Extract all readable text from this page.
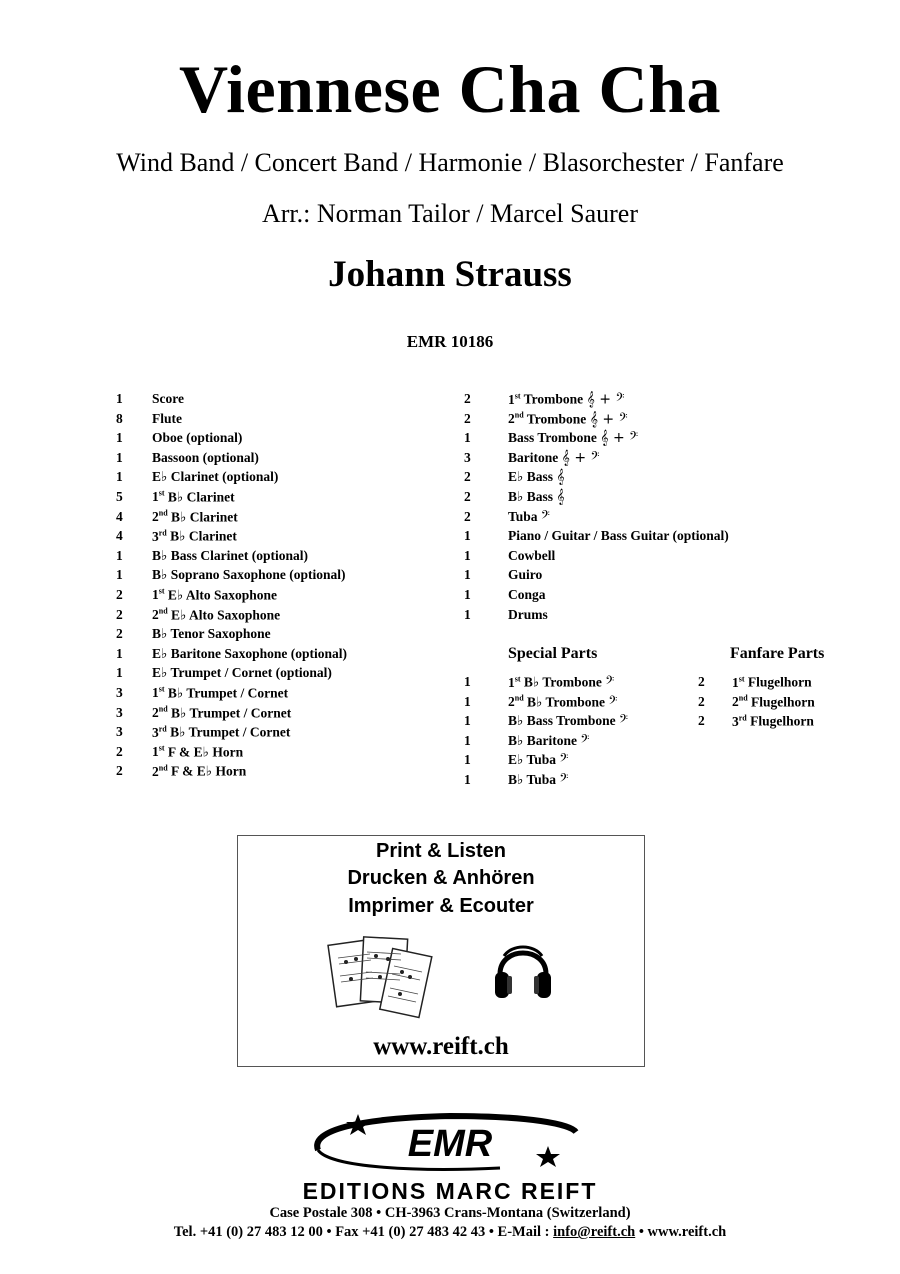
Viennese Cha Cha
Wind Band / Concert Band / Harmonie / Blasorchester / Fanfare
Arr.: Norman Tailor / Marcel Saurer
Johann Strauss
EMR 10186
1	Score
8	Flute
1	Oboe (optional)
1	Bassoon (optional)
1	E♭ Clarinet (optional)
5	1st B♭ Clarinet
4	2nd B♭ Clarinet
4	3rd B♭ Clarinet
1	B♭ Bass Clarinet (optional)
1	B♭ Soprano Saxophone (optional)
2	1st E♭ Alto Saxophone
2	2nd E♭ Alto Saxophone
2	B♭ Tenor Saxophone
1	E♭ Baritone Saxophone (optional)
1	E♭ Trumpet / Cornet (optional)
3	1st B♭ Trumpet / Cornet
3	2nd B♭ Trumpet / Cornet
3	3rd B♭ Trumpet / Cornet
2	1st F & E♭ Horn
2	2nd F & E♭ Horn
2	1st Trombone 𝄞 + 𝄢
2	2nd Trombone 𝄞 + 𝄢
1	Bass Trombone 𝄞 + 𝄢
3	Baritone 𝄞 + 𝄢
2	E♭ Bass 𝄞
2	B♭ Bass 𝄞
2	Tuba 𝄢
1	Piano / Guitar / Bass Guitar (optional)
1	Cowbell
1	Guiro
1	Conga
1	Drums
Special Parts
1	1st B♭ Trombone 𝄢
1	2nd B♭ Trombone 𝄢
1	B♭ Bass Trombone 𝄢
1	B♭ Baritone 𝄢
1	E♭ Tuba 𝄢
1	B♭ Tuba 𝄢
Fanfare Parts
2	1st Flugelhorn
2	2nd Flugelhorn
2	3rd Flugelhorn
Print & Listen
Drucken & Anhören
Imprimer & Ecouter
www.reift.ch
EMR
EDITIONS MARC REIFT
Case Postale 308 • CH-3963 Crans-Montana (Switzerland)
Tel. +41 (0) 27 483 12 00 • Fax +41 (0) 27 483 42 43 • E-Mail : info@reift.ch • www.reift.ch
